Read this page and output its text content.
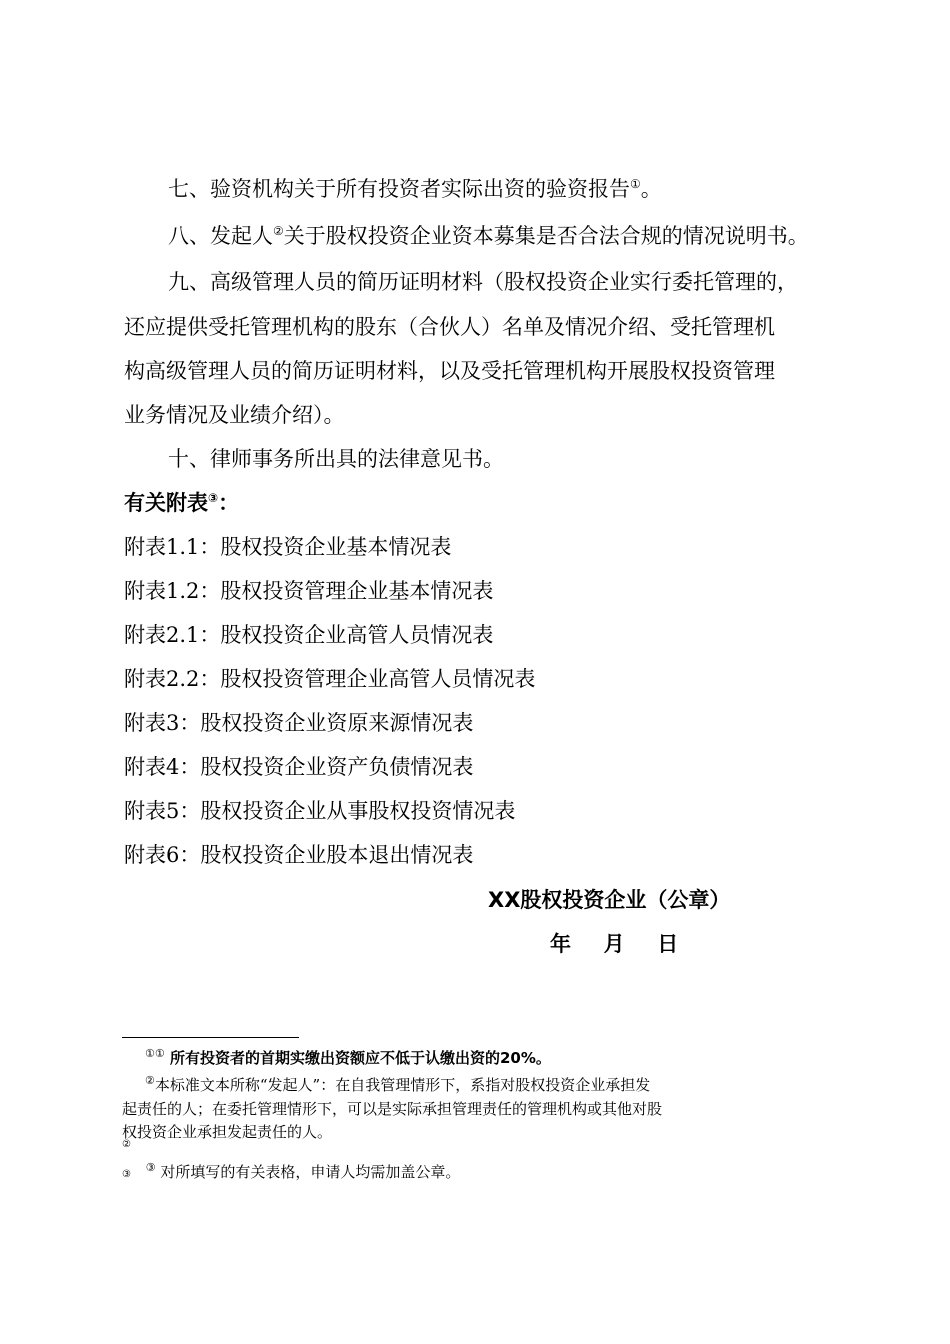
七、验资机构关于所有投资者实际出资的验资报告①。
八、发起人②关于股权投资企业资本募集是否合法合规的情况说明书。
九、高级管理人员的简历证明材料（股权投资企业实行委托管理的，
还应提供受托管理机构的股东（合伙人）名单及情况介绍、受托管理机
构高级管理人员的简历证明材料，以及受托管理机构开展股权投资管理
业务情况及业绩介绍）。
十、律师事务所出具的法律意见书。
有关附表③：
附表1.1：股权投资企业基本情况表
附表1.2：股权投资管理企业基本情况表
附表2.1：股权投资企业高管人员情况表
附表2.2：股权投资管理企业高管人员情况表
附表3：股权投资企业资原来源情况表
附表4：股权投资企业资产负债情况表
附表5：股权投资企业从事股权投资情况表
附表6：股权投资企业股本退出情况表
XX股权投资企业（公章）
年  月  日
①① 所有投资者的首期实缴出资额应不低于认缴出资的20%。
②本标准文本所称“发起人”：在自我管理情形下，系指对股权投资企业承担发
起责任的人；在委托管理情形下，可以是实际承担管理责任的管理机构或其他对股
权投资企业承担发起责任的人。
②
③ ③ 对所填写的有关表格，申请人均需加盖公章。
